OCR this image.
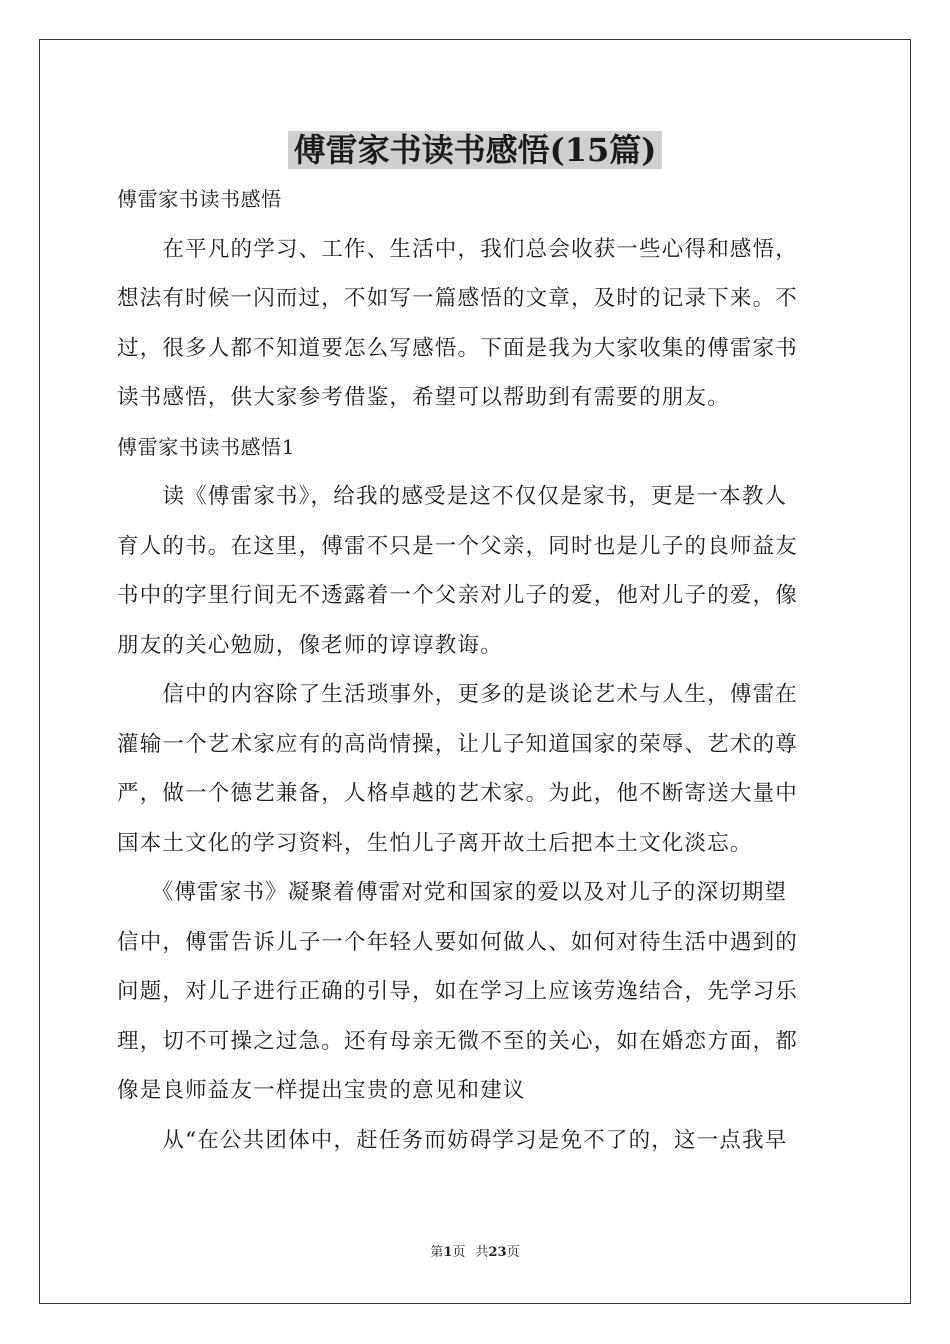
傅雷家书读书感悟(15篇)
傅雷家书读书感悟
　　在平凡的学习、工作、生活中，我们总会收获一些心得和感悟，
想法有时候一闪而过，不如写一篇感悟的文章，及时的记录下来。不
过，很多人都不知道要怎么写感悟。下面是我为大家收集的傅雷家书
读书感悟，供大家参考借鉴，希望可以帮助到有需要的朋友。
傅雷家书读书感悟1
　　读《傅雷家书》，给我的感受是这不仅仅是家书，更是一本教人
育人的书。在这里，傅雷不只是一个父亲，同时也是儿子的良师益友
书中的字里行间无不透露着一个父亲对儿子的爱，他对儿子的爱，像
朋友的关心勉励，像老师的谆谆教诲。
　　信中的内容除了生活琐事外，更多的是谈论艺术与人生，傅雷在
灌输一个艺术家应有的高尚情操，让儿子知道国家的荣辱、艺术的尊
严，做一个德艺兼备，人格卓越的艺术家。为此，他不断寄送大量中
国本土文化的学习资料，生怕儿子离开故土后把本土文化淡忘。
　　《傅雷家书》凝聚着傅雷对党和国家的爱以及对儿子的深切期望
信中，傅雷告诉儿子一个年轻人要如何做人、如何对待生活中遇到的
问题，对儿子进行正确的引导，如在学习上应该劳逸结合，先学习乐
理，切不可操之过急。还有母亲无微不至的关心，如在婚恋方面，都
像是良师益友一样提出宝贵的意见和建议
　　从“在公共团体中，赶任务而妨碍学习是免不了的，这一点我早
第1页 共23页
